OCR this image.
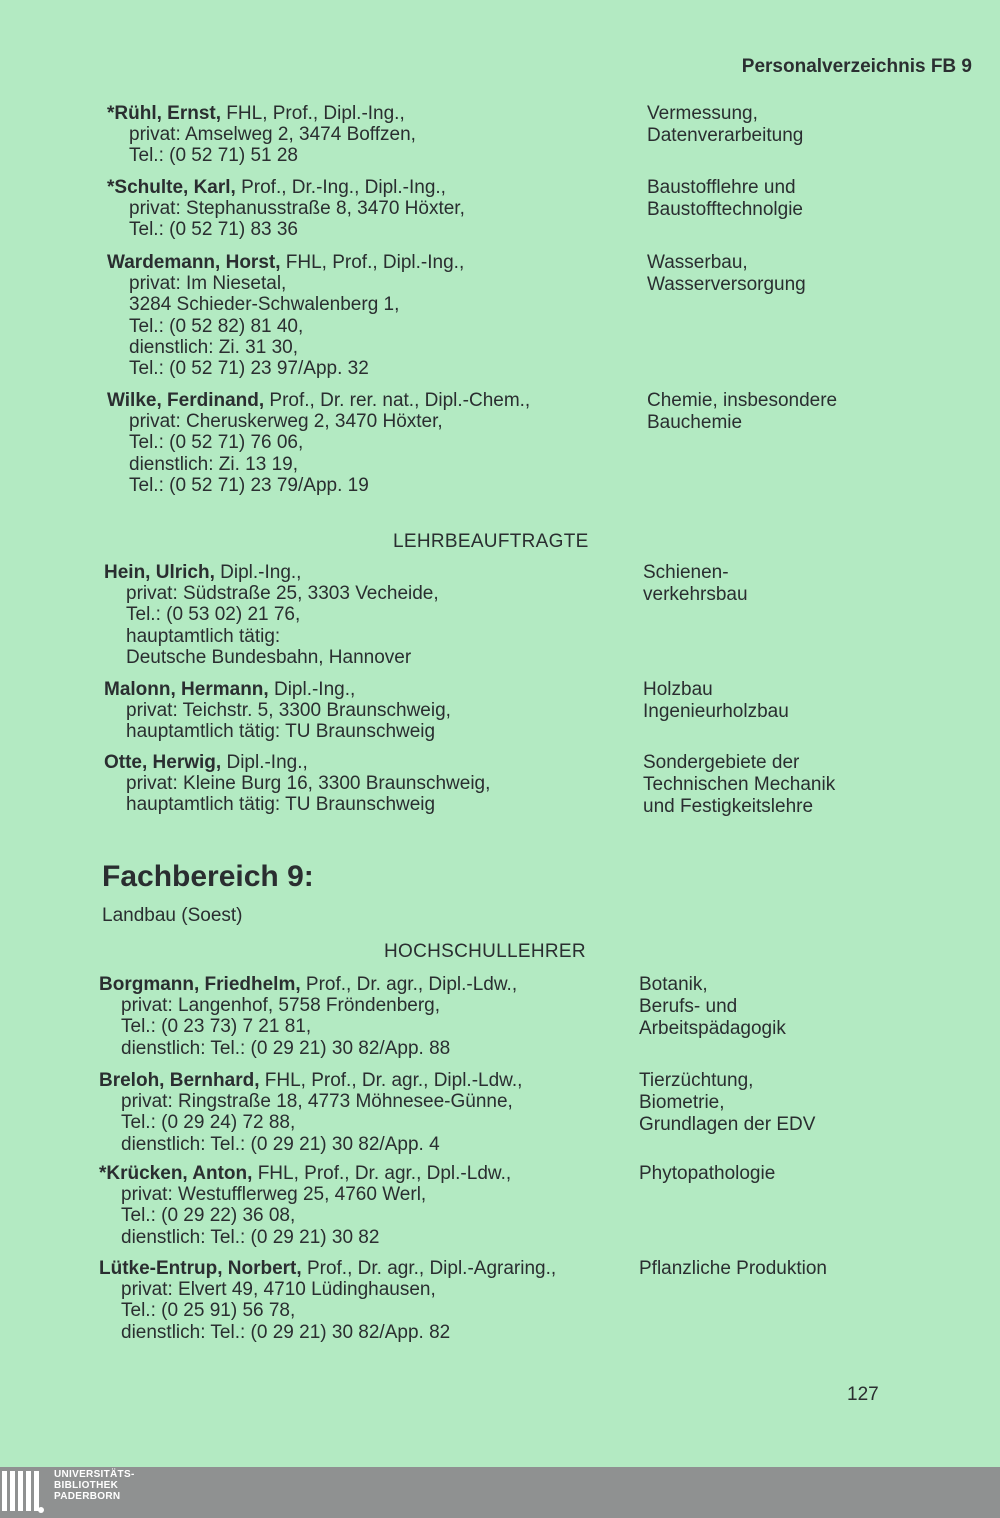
Personalverzeichnis FB 9
*Rühl, Ernst, FHL, Prof., Dipl.-Ing.,
privat: Amselweg 2, 3474 Boffzen,
Tel.: (0 52 71) 51 28
Vermessung,
Datenverarbeitung
*Schulte, Karl, Prof., Dr.-Ing., Dipl.-Ing.,
privat: Stephanusstraße 8, 3470 Höxter,
Tel.: (0 52 71) 83 36
Baustofflehre und
Baustofftechnolgie
Wardemann, Horst, FHL, Prof., Dipl.-Ing.,
privat: Im Niesetal,
3284 Schieder-Schwalenberg 1,
Tel.: (0 52 82) 81 40,
dienstlich: Zi. 31 30,
Tel.: (0 52 71) 23 97/App. 32
Wasserbau,
Wasserversorgung
Wilke, Ferdinand, Prof., Dr. rer. nat., Dipl.-Chem.,
privat: Cheruskerweg 2, 3470 Höxter,
Tel.: (0 52 71) 76 06,
dienstlich: Zi. 13 19,
Tel.: (0 52 71) 23 79/App. 19
Chemie, insbesondere
Bauchemie
LEHRBEAUFTRAGTE
Hein, Ulrich, Dipl.-Ing.,
privat: Südstraße 25, 3303 Vecheide,
Tel.: (0 53 02) 21 76,
hauptamtlich tätig:
Deutsche Bundesbahn, Hannover
Schienen-
verkehrsbau
Malonn, Hermann, Dipl.-Ing.,
privat: Teichstr. 5, 3300 Braunschweig,
hauptamtlich tätig: TU Braunschweig
Holzbau
Ingenieurholzbau
Otte, Herwig, Dipl.-Ing.,
privat: Kleine Burg 16, 3300 Braunschweig,
hauptamtlich tätig: TU Braunschweig
Sondergebiete der
Technischen Mechanik
und Festigkeitslehre
Fachbereich 9:
Landbau (Soest)
HOCHSCHULLEHRER
Borgmann, Friedhelm, Prof., Dr. agr., Dipl.-Ldw.,
privat: Langenhof, 5758 Fröndenberg,
Tel.: (0 23 73) 7 21 81,
dienstlich: Tel.: (0 29 21) 30 82/App. 88
Botanik,
Berufs- und
Arbeitspädagogik
Breloh, Bernhard, FHL, Prof., Dr. agr., Dipl.-Ldw.,
privat: Ringstraße 18, 4773 Möhnesee-Günne,
Tel.: (0 29 24) 72 88,
dienstlich: Tel.: (0 29 21) 30 82/App. 4
Tierzüchtung,
Biometrie,
Grundlagen der EDV
*Krücken, Anton, FHL, Prof., Dr. agr., Dpl.-Ldw.,
privat: Westufflerweg 25, 4760 Werl,
Tel.: (0 29 22) 36 08,
dienstlich: Tel.: (0 29 21) 30 82
Phytopathologie
Lütke-Entrup, Norbert, Prof., Dr. agr., Dipl.-Agraring.,
privat: Elvert 49, 4710 Lüdinghausen,
Tel.: (0 25 91) 56 78,
dienstlich: Tel.: (0 29 21) 30 82/App. 82
Pflanzliche Produktion
127
UNIVERSITÄTS-
BIBLIOTHEK
PADERBORN
